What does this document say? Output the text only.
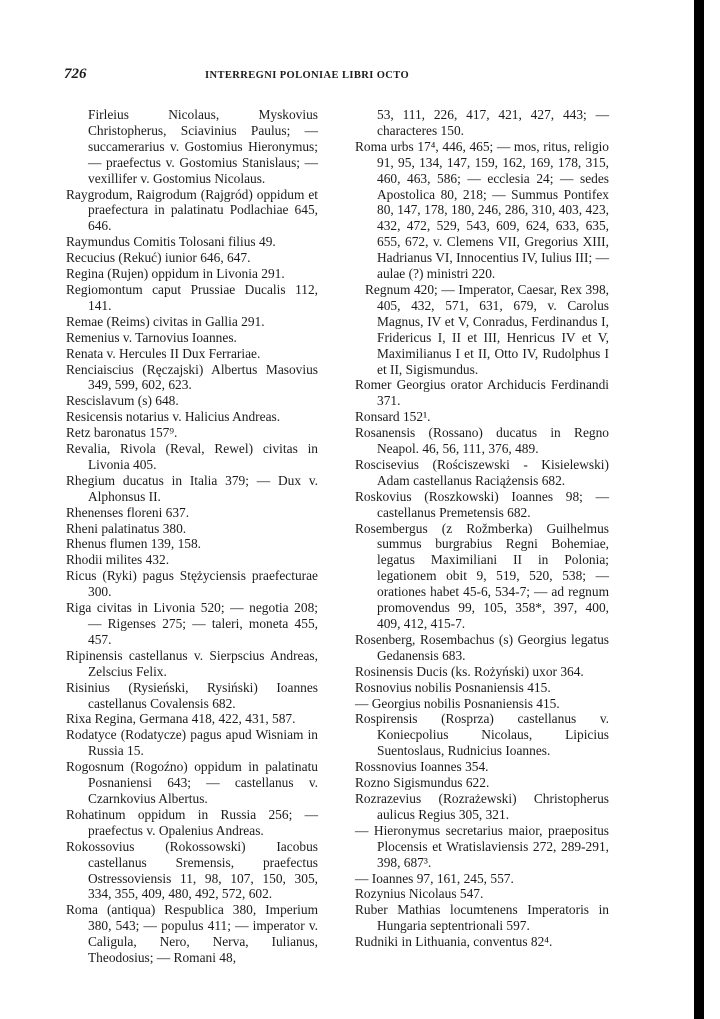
726	INTERREGNI POLONIAE LIBRI OCTO

Firleius Nicolaus, Myskovius Christopherus, Sciavinius Paulus; — succamerarius v. Gostomius Hieronymus; — praefectus v. Gostomius Stanislaus; — vexillifer v. Gostomius Nicolaus.

Raygrodum, Raigrodum (Rajgród) oppidum et praefectura in palatinatu Podlachiae 645, 646.

Raymundus Comitis Tolosani filius 49.

Recucius (Rekuć) iunior 646, 647.

Regina (Rujen) oppidum in Livonia 291.

Regiomontum caput Prussiae Ducalis 112, 141.

Remae (Reims) civitas in Gallia 291.

Remenius v. Tarnovius Ioannes.

Renata v. Hercules II Dux Ferrariae.

Renciaiscius (Ręczajski) Albertus Masovius 349, 599, 602, 623.

Rescislavum (s) 648.

Resicensis notarius v. Halicius Andreas.

Retz baronatus 157⁹.

Revalia, Rivola (Reval, Rewel) civitas in Livonia 405.

Rhegium ducatus in Italia 379; — Dux v. Alphonsus II.

Rhenenses floreni 637.

Rheni palatinatus 380.

Rhenus flumen 139, 158.

Rhodii milites 432.

Ricus (Ryki) pagus Stężyciensis praefecturae 300.

Riga civitas in Livonia 520; — negotia 208; — Rigenses 275; — taleri, moneta 455, 457.

Ripinensis castellanus v. Sierpscius Andreas, Zelscius Felix.

Risinius (Rysieński, Rysiński) Ioannes castellanus Covalensis 682.

Rixa Regina, Germana 418, 422, 431, 587.

Rodatyce (Rodatycze) pagus apud Wisniam in Russia 15.

Rogosnum (Rogoźno) oppidum in palatinatu Posnaniensi 643; — castellanus v. Czarnkovius Albertus.

Rohatinum oppidum in Russia 256; — praefectus v. Opalenius Andreas.

Rokossovius (Rokossowski) Iacobus castellanus Sremensis, praefectus Ostressoviensis 11, 98, 107, 150, 305, 334, 355, 409, 480, 492, 572, 602.

Roma (antiqua) Respublica 380, Imperium 380, 543; — populus 411; — imperator v. Caligula, Nero, Nerva, Iulianus, Theodosius; — Romani 48,

53, 111, 226, 417, 421, 427, 443; — characteres 150.

Roma urbs 17⁴, 446, 465; — mos, ritus, religio 91, 95, 134, 147, 159, 162, 169, 178, 315, 460, 463, 586; — ecclesia 24; — sedes Apostolica 80, 218; — Summus Pontifex 80, 147, 178, 180, 246, 286, 310, 403, 423, 432, 472, 529, 543, 609, 624, 633, 635, 655, 672, v. Clemens VII, Gregorius XIII, Hadrianus VI, Innocentius IV, Iulius III; — aulae (?) ministri 220.

Regnum 420; — Imperator, Caesar, Rex 398, 405, 432, 571, 631, 679, v. Carolus Magnus, IV et V, Conradus, Ferdinandus I, Fridericus I, II et III, Henricus IV et V, Maximilianus I et II, Otto IV, Rudolphus I et II, Sigismundus.

Romer Georgius orator Archiducis Ferdinandi 371.

Ronsard 152¹.

Rosanensis (Rossano) ducatus in Regno Neapol. 46, 56, 111, 376, 489.

Roscisevius (Rościszewski - Kisielewski) Adam castellanus Raciążensis 682.

Roskovius (Roszkowski) Ioannes 98; — castellanus Premetensis 682.

Rosembergus (z Rožmberka) Guilhelmus summus burgrabius Regni Bohemiae, legatus Maximiliani II in Polonia; legationem obit 9, 519, 520, 538; — orationes habet 45-6, 534-7; — ad regnum promovendus 99, 105, 358*, 397, 400, 409, 412, 415-7.

Rosenberg, Rosembachus (s) Georgius legatus Gedanensis 683.

Rosinensis Ducis (ks. Rożyński) uxor 364.

Rosnovius nobilis Posnaniensis 415.

— Georgius nobilis Posnaniensis 415.

Rospirensis (Rosprza) castellanus v. Koniecpolius Nicolaus, Lipicius Suentoslaus, Rudnicius Ioannes.

Rossnovius Ioannes 354.

Rozno Sigismundus 622.

Rozrazevius (Rozrażewski) Christopherus aulicus Regius 305, 321.

— Hieronymus secretarius maior, praepositus Plocensis et Wratislaviensis 272, 289-291, 398, 687³.

— Ioannes 97, 161, 245, 557.

Rozynius Nicolaus 547.

Ruber Mathias locumtenens Imperatoris in Hungaria septentrionali 597.

Rudniki in Lithuania, conventus 82⁴.
